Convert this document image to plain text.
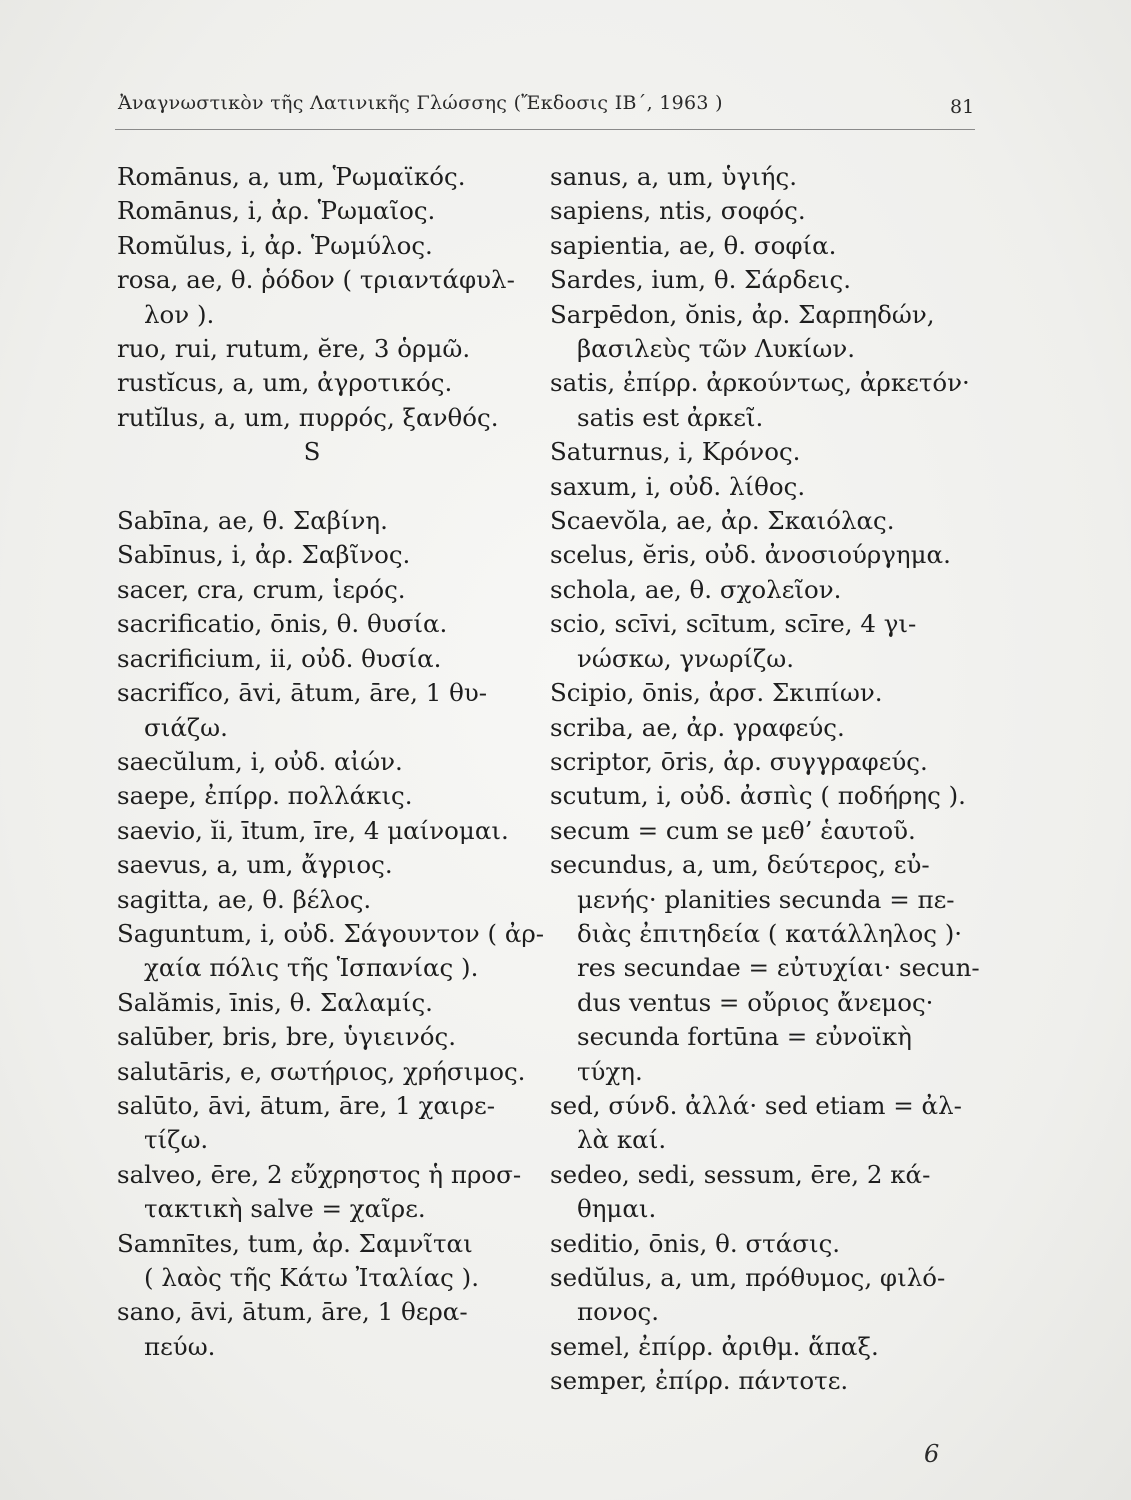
Ἀναγνωστικὸν τῆς Λατινικῆς Γλώσσης (Ἔκδοσις ΙΒ΄, 1963 )	81
Romānus, a, um, Ῥωμαϊκός.
Romānus, i, ἀρ. Ῥωμαῖος.
Romŭlus, i, ἀρ. Ῥωμύλος.
rosa, ae, θ. ῥόδον ( τριαντάφυλ-
λον ).
ruo, rui, rutum, ĕre, 3 ὁρμῶ.
rustĭcus, a, um, ἀγροτικός.
rutĭlus, a, um, πυρρός, ξανθός.
S

Sabīna, ae, θ. Σαβίνη.
Sabīnus, i, ἀρ. Σαβῖνος.
sacer, cra, crum, ἱερός.
sacrificatio, ōnis, θ. θυσία.
sacrificium, ii, οὐδ. θυσία.
sacrifĭco, āvi, ātum, āre, 1 θυ-
σιάζω.
saecŭlum, i, οὐδ. αἰών.
saepe, ἐπίρρ. πολλάκις.
saevio, ĭi, ītum, īre, 4 μαίνομαι.
saevus, a, um, ἄγριος.
sagitta, ae, θ. βέλος.
Saguntum, i, οὐδ. Σάγουντον ( ἀρ-
χαία πόλις τῆς Ἱσπανίας ).
Salămis, īnis, θ. Σαλαμίς.
salūber, bris, bre, ὑγιεινός.
salutāris, e, σωτήριος, χρήσιμος.
salūto, āvi, ātum, āre, 1 χαιρε-
τίζω.
salveo, ēre, 2 εὔχρηστος ἡ προσ-
τακτικὴ salve = χαῖρε.
Samnītes, tum, ἀρ. Σαμνῖται
( λαὸς τῆς Κάτω Ἰταλίας ).
sano, āvi, ātum, āre, 1 θερα-
πεύω.
sanus, a, um, ὑγιής.
sapiens, ntis, σοφός.
sapientia, ae, θ. σοφία.
Sardes, ium, θ. Σάρδεις.
Sarpēdon, ŏnis, ἀρ. Σαρπηδών,
βασιλεὺς τῶν Λυκίων.
satis, ἐπίρρ. ἀρκούντως, ἀρκετόν·
satis est ἀρκεῖ.
Saturnus, i, Κρόνος.
saxum, i, οὐδ. λίθος.
Scaevŏla, ae, ἀρ. Σκαιόλας.
scelus, ĕris, οὐδ. ἀνοσιούργημα.
schola, ae, θ. σχολεῖον.
scio, scīvi, scītum, scīre, 4 γι-
νώσκω, γνωρίζω.
Scipio, ōnis, ἀρσ. Σκιπίων.
scriba, ae, ἀρ. γραφεύς.
scriptor, ōris, ἀρ. συγγραφεύς.
scutum, i, οὐδ. ἀσπὶς ( ποδήρης ).
secum = cum se μεθ’ ἑαυτοῦ.
secundus, a, um, δεύτερος, εὐ-
μενής· planities secunda = πε-
διὰς ἐπιτηδεία ( κατάλληλος )·
res secundae = εὐτυχίαι· secun-
dus ventus = οὔριος ἄνεμος·
secunda fortūna = εὐνοϊκὴ
τύχη.
sed, σύνδ. ἀλλά· sed etiam = ἀλ-
λὰ καί.
sedeo, sedi, sessum, ēre, 2 κά-
θημαι.
seditio, ōnis, θ. στάσις.
sedŭlus, a, um, πρόθυμος, φιλό-
πονος.
semel, ἐπίρρ. ἀριθμ. ἅπαξ.
semper, ἐπίρρ. πάντοτε.
6
